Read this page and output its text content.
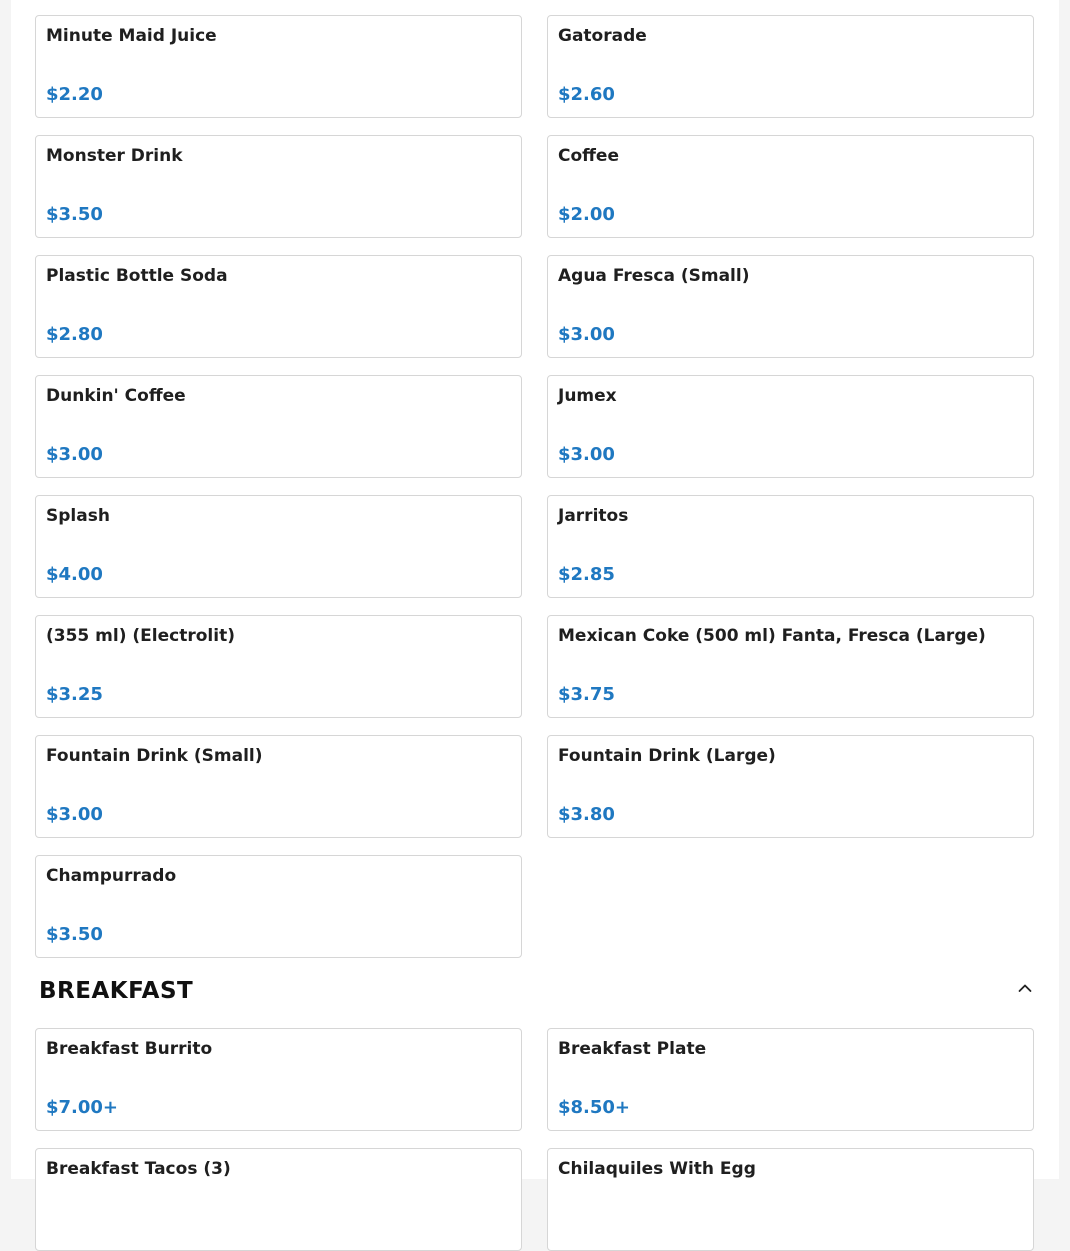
Minute Maid Juice
$2.20
Gatorade
$2.60
Monster Drink
$3.50
Coffee
$2.00
Plastic Bottle Soda
$2.80
Agua Fresca (Small)
$3.00
Dunkin' Coffee
$3.00
Jumex
$3.00
Splash
$4.00
Jarritos
$2.85
(355 ml) (Electrolit)
$3.25
Mexican Coke (500 ml) Fanta, Fresca (Large)
$3.75
Fountain Drink (Small)
$3.00
Fountain Drink (Large)
$3.80
Champurrado
$3.50
BREAKFAST
Breakfast Burrito
$7.00+
Breakfast Plate
$8.50+
Breakfast Tacos (3)	Chilaquiles With Egg
